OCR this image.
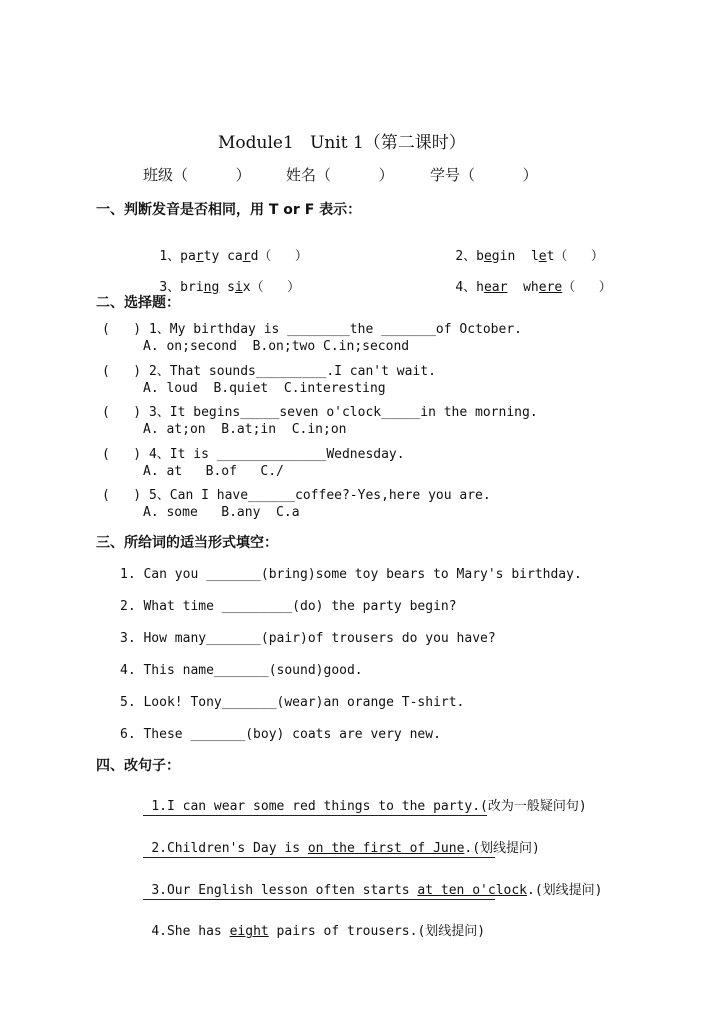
Module1   Unit 1（第二课时）
班级（          ） 姓名（          ） 学号（          ）
一、判断发音是否相同，用 T or F 表示：

1、party card（   ）
	2、begin  let（   ）

3、bring six（   ）
	4、hear where（   ）

二、选择题：
(   ) 1、My birthday is ________the _______of October.
A. on;second  B.on;two C.in;second
(   ) 2、That sounds_________.I can't wait.
A. loud  B.quiet  C.interesting
(   ) 3、It begins_____seven o'clock_____in the morning.
A. at;on  B.at;in  C.in;on
(   ) 4、It is ______________Wednesday.
A. at   B.of   C./
(   ) 5、Can I have______coffee?-Yes,here you are.
A. some   B.any  C.a
三、所给词的适当形式填空：
1. Can you _______(bring)some toy bears to Mary's birthday.
2. What time _________(do) the party begin?
3. How many_______(pair)of trousers do you have?
4. This name_______(sound)good.
5. Look! Tony_______(wear)an orange T-shirt.
6. These _______(boy) coats are very new.
四、改句子：

1.I can wear some red things to the party.(改为一般疑问句)

2.Children's Day is on the first of June.(划线提问)

3.Our English lesson often starts at ten o'clock.(划线提问)

4.She has eight pairs of trousers.(划线提问)
